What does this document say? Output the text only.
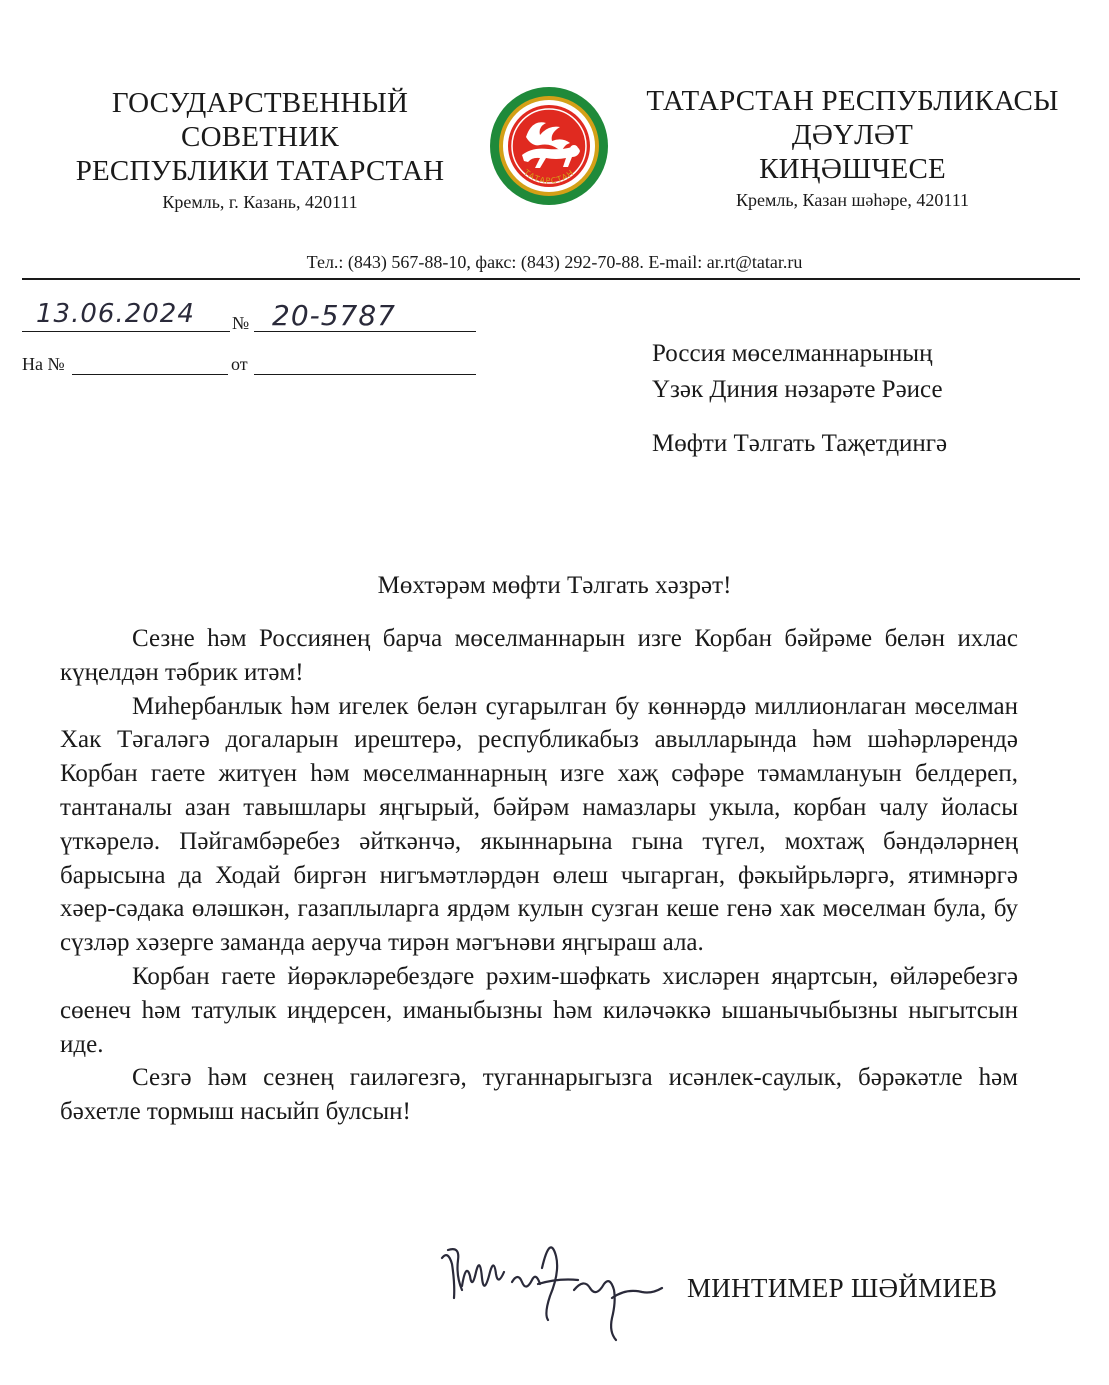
ГОСУДАРСТВЕННЫЙ
СОВЕТНИК
РЕСПУБЛИКИ ТАТАРСТАН
Кремль, г. Казань, 420111
ТАТАРСТАН
ТАТАРСТАН РЕСПУБЛИКАСЫ
ДӘҮЛӘТ
КИҢӘШЧЕСЕ
Кремль, Казан шәһәре, 420111
Тел.: (843) 567-88-10, факс: (843) 292-70-88. E-mail: ar.rt@tatar.ru
13.06.2024 № 20-5787
На №	от	Россия мөселманнарының
Үзәк Диния нәзарәте Рәисе
Мөфти Тәлгать Таҗетдингә
Мөхтәрәм мөфти Тәлгать хәзрәт!

Сезне һәм Россиянең барча мөселманнарын изге Корбан бәйрәме белән ихлас күңелдән тәбрик итәм!

Миһербанлык һәм игелек белән сугарылган бу көннәрдә миллионлаган мөселман Хак Тәгаләгә догаларын ирештерә, республикабыз авылларында һәм шәһәрләрендә Корбан гаете житүен һәм мөселманнарның изге хаҗ сәфәре тәмамлануын белдереп, тантаналы азан тавышлары яңгырый, бәйрәм намазлары укыла, корбан чалу йоласы үткәрелә. Пәйгамбәребез әйткәнчә, якыннарына гына түгел, мохтаҗ бәндәләрнең барысына да Ходай биргән нигъмәтләрдән өлеш чыгарган, фәкыйрьләргә, ятимнәргә хәер-сәдака өләшкән, газаплыларга ярдәм кулын сузган кеше генә хак мөселман була, бу сүзләр хәзерге заманда аеруча тирән мәгънәви яңгыраш ала.

Корбан гаете йөрәкләребездәге рәхим-шәфкать хисләрен яңартсын, өйләребезгә сөенеч һәм татулык иңдерсен, иманыбызны һәм киләчәккә ышанычыбызны ныгытсын иде.

Сезгә һәм сезнең гаиләгезгә, туганнарыгызга исәнлек-саулык, бәрәкәтле һәм бәхетле тормыш насыйп булсын!

МИНТИМЕР ШӘЙМИЕВ
